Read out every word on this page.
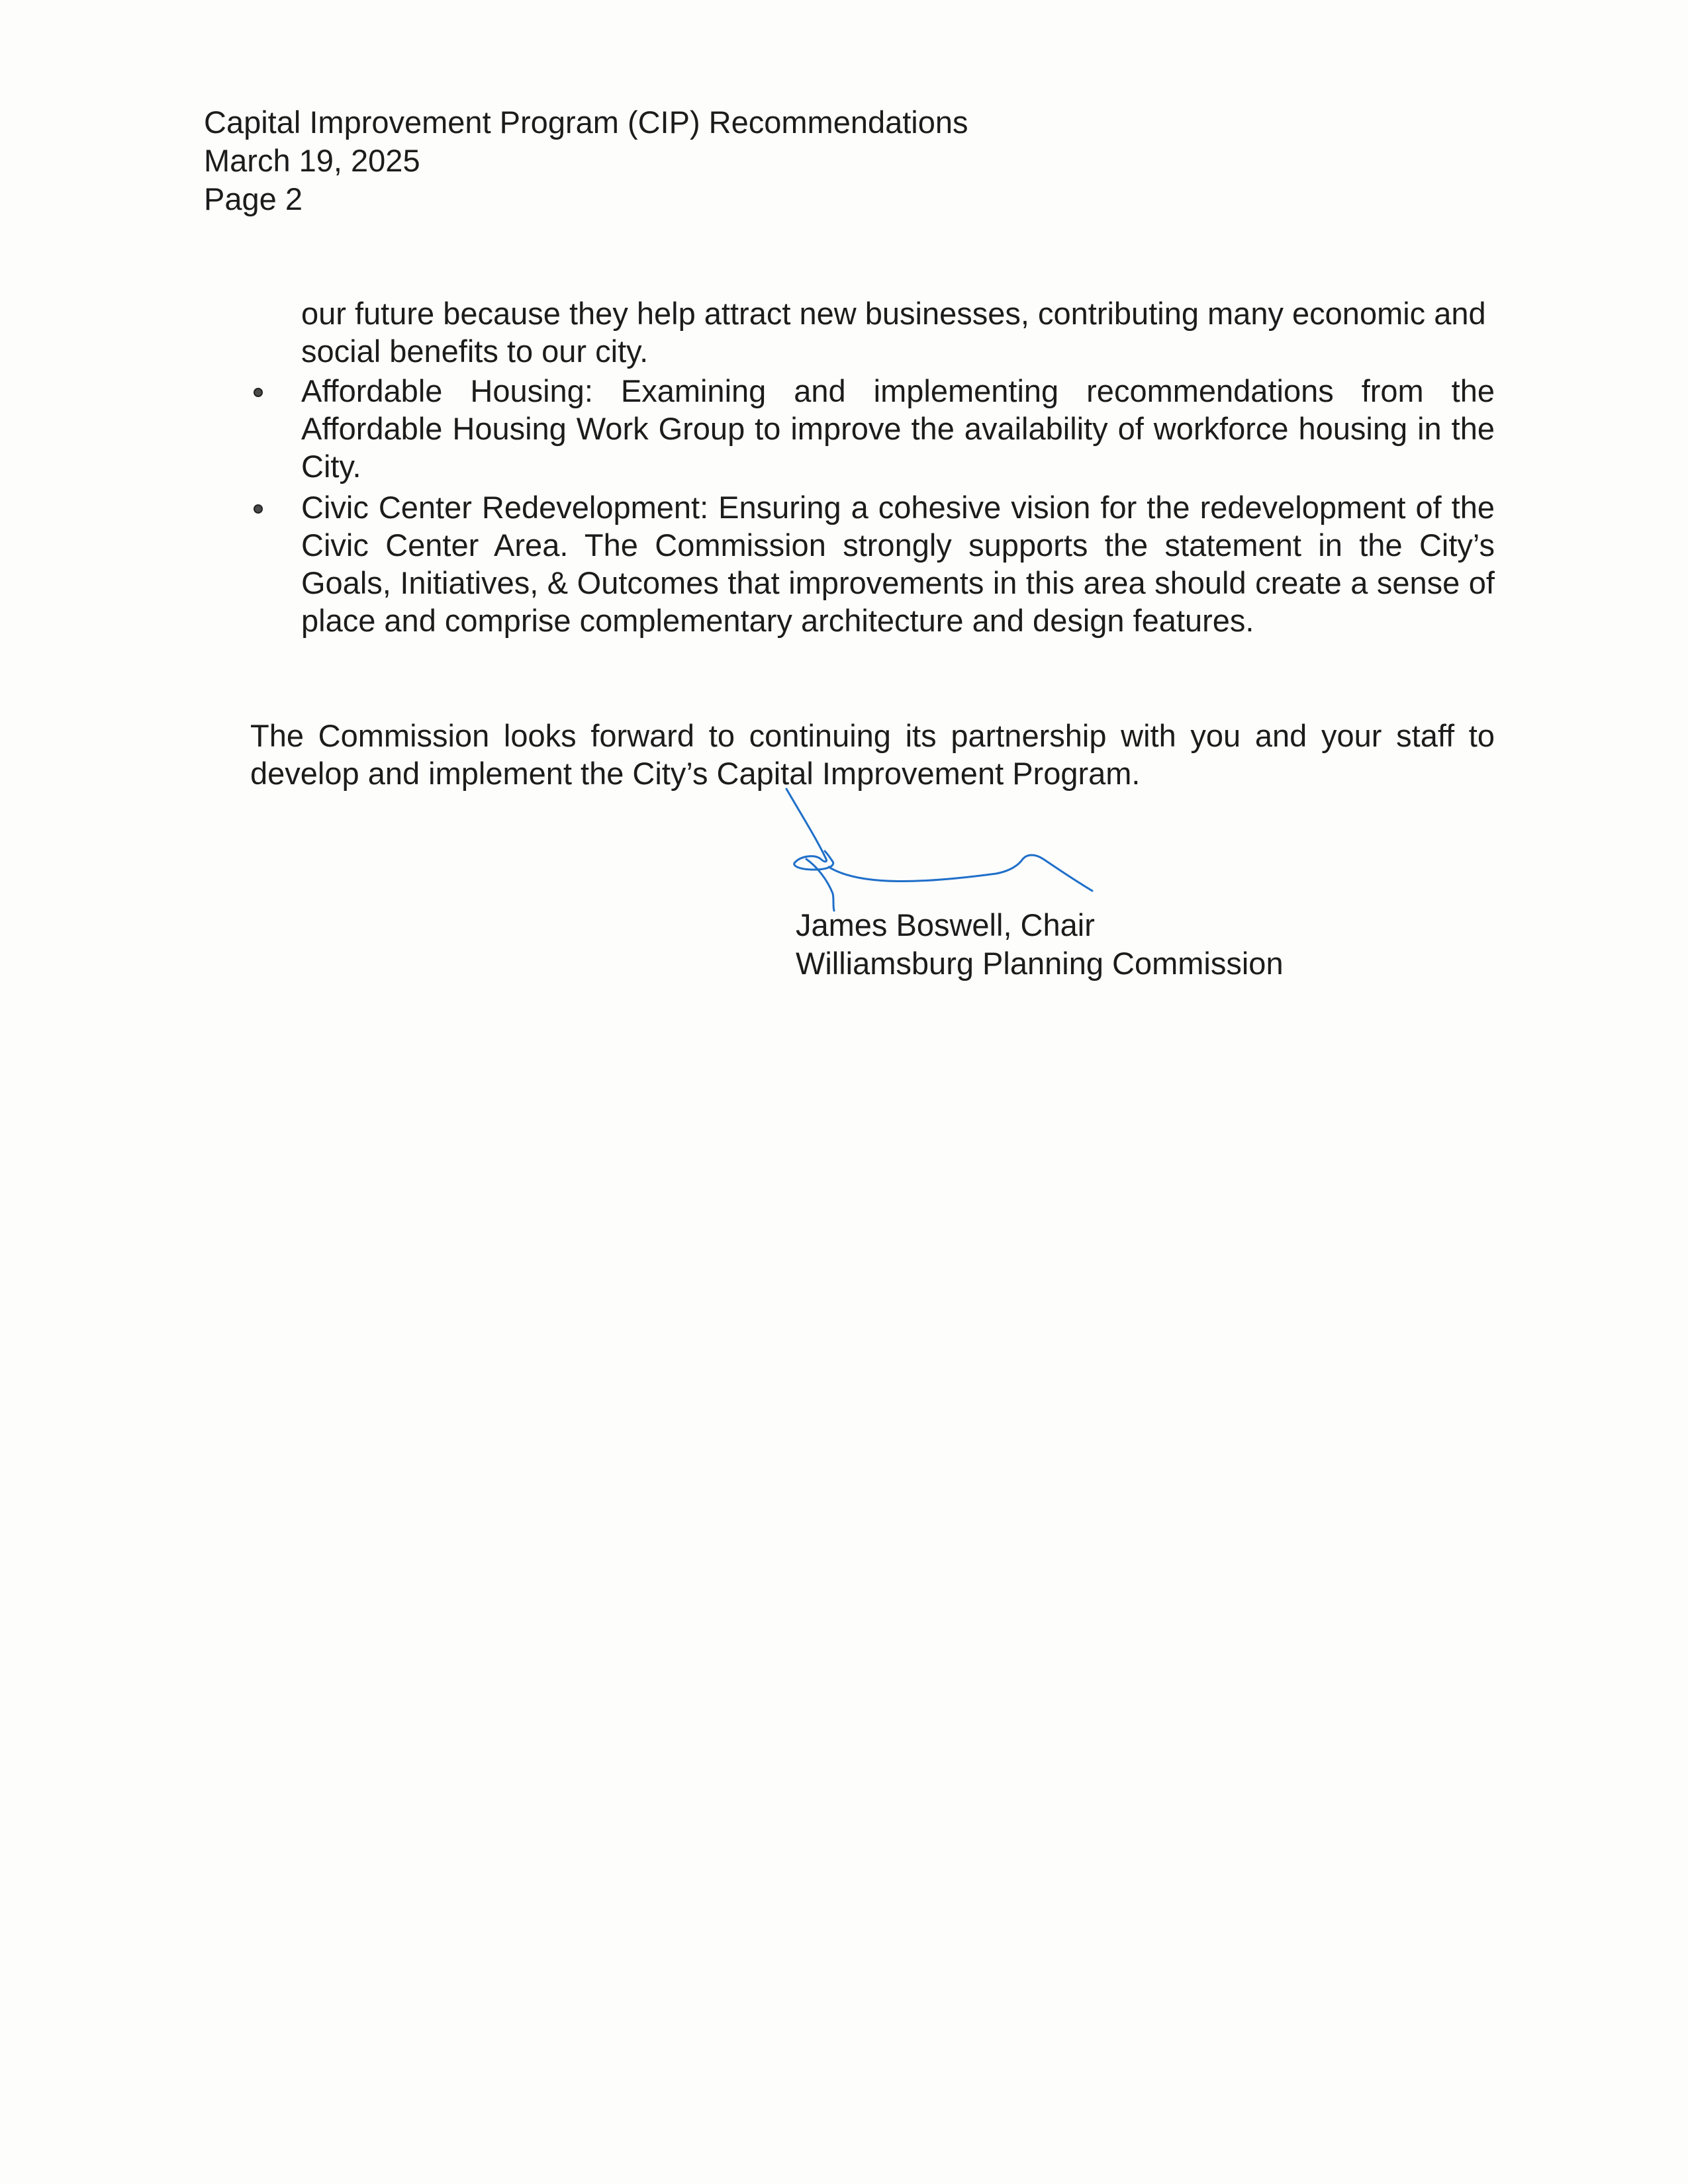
Capital Improvement Program (CIP) Recommendations
March 19, 2025
Page 2
our future because they help attract new businesses, contributing many economic and social benefits to our city.
Affordable Housing: Examining and implementing recommendations from the Affordable Housing Work Group to improve the availability of workforce housing in the City.
Civic Center Redevelopment: Ensuring a cohesive vision for the redevelopment of the Civic Center Area. The Commission strongly supports the statement in the City’s Goals, Initiatives, & Outcomes that improvements in this area should create a sense of place and comprise complementary architecture and design features.
The Commission looks forward to continuing its partnership with you and your staff to develop and implement the City’s Capital Improvement Program.
James Boswell, Chair
Williamsburg Planning Commission
